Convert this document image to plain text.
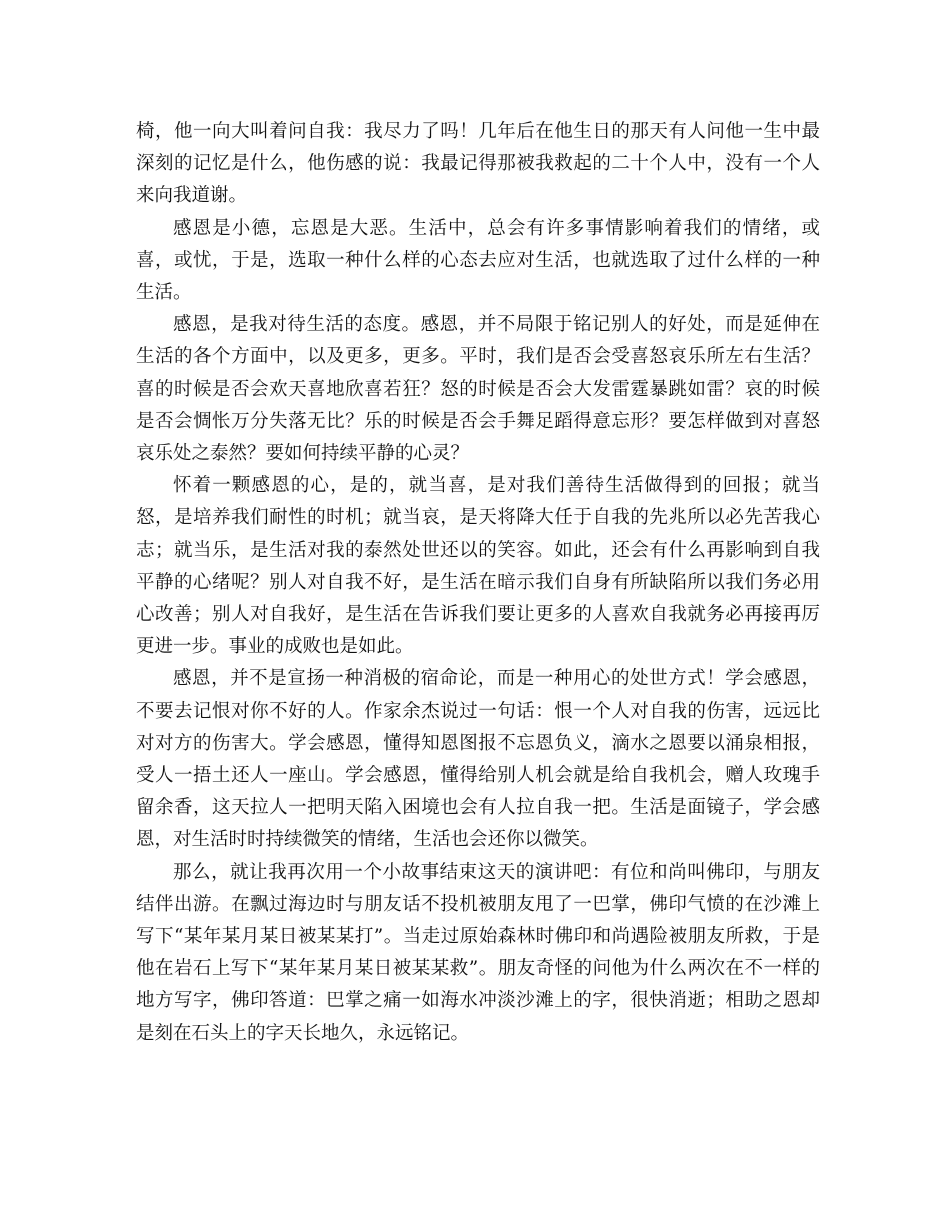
椅，他一向大叫着问自我：我尽力了吗！几年后在他生日的那天有人问他一生中最深刻的记忆是什么，他伤感的说：我最记得那被我救起的二十个人中，没有一个人来向我道谢。

感恩是小德，忘恩是大恶。生活中，总会有许多事情影响着我们的情绪，或喜，或忧，于是，选取一种什么样的心态去应对生活，也就选取了过什么样的一种生活。

感恩，是我对待生活的态度。感恩，并不局限于铭记别人的好处，而是延伸在生活的各个方面中，以及更多，更多。平时，我们是否会受喜怒哀乐所左右生活？喜的时候是否会欢天喜地欣喜若狂？怒的时候是否会大发雷霆暴跳如雷？哀的时候是否会惆怅万分失落无比？乐的时候是否会手舞足蹈得意忘形？要怎样做到对喜怒哀乐处之泰然？要如何持续平静的心灵？

怀着一颗感恩的心，是的，就当喜，是对我们善待生活做得到的回报；就当怒，是培养我们耐性的时机；就当哀，是天将降大任于自我的先兆所以必先苦我心志；就当乐，是生活对我的泰然处世还以的笑容。如此，还会有什么再影响到自我平静的心绪呢？别人对自我不好，是生活在暗示我们自身有所缺陷所以我们务必用心改善；别人对自我好，是生活在告诉我们要让更多的人喜欢自我就务必再接再厉更进一步。事业的成败也是如此。

感恩，并不是宣扬一种消极的宿命论，而是一种用心的处世方式！学会感恩，不要去记恨对你不好的人。作家余杰说过一句话：恨一个人对自我的伤害，远远比对对方的伤害大。学会感恩，懂得知恩图报不忘恩负义，滴水之恩要以涌泉相报，受人一捂土还人一座山。学会感恩，懂得给别人机会就是给自我机会，赠人玫瑰手留余香，这天拉人一把明天陷入困境也会有人拉自我一把。生活是面镜子，学会感恩，对生活时时持续微笑的情绪，生活也会还你以微笑。

那么，就让我再次用一个小故事结束这天的演讲吧：有位和尚叫佛印，与朋友结伴出游。在飘过海边时与朋友话不投机被朋友甩了一巴掌，佛印气愤的在沙滩上写下“某年某月某日被某某打”。当走过原始森林时佛印和尚遇险被朋友所救，于是他在岩石上写下“某年某月某日被某某救”。朋友奇怪的问他为什么两次在不一样的地方写字，佛印答道：巴掌之痛一如海水冲淡沙滩上的字，很快消逝；相助之恩却是刻在石头上的字天长地久，永远铭记。
